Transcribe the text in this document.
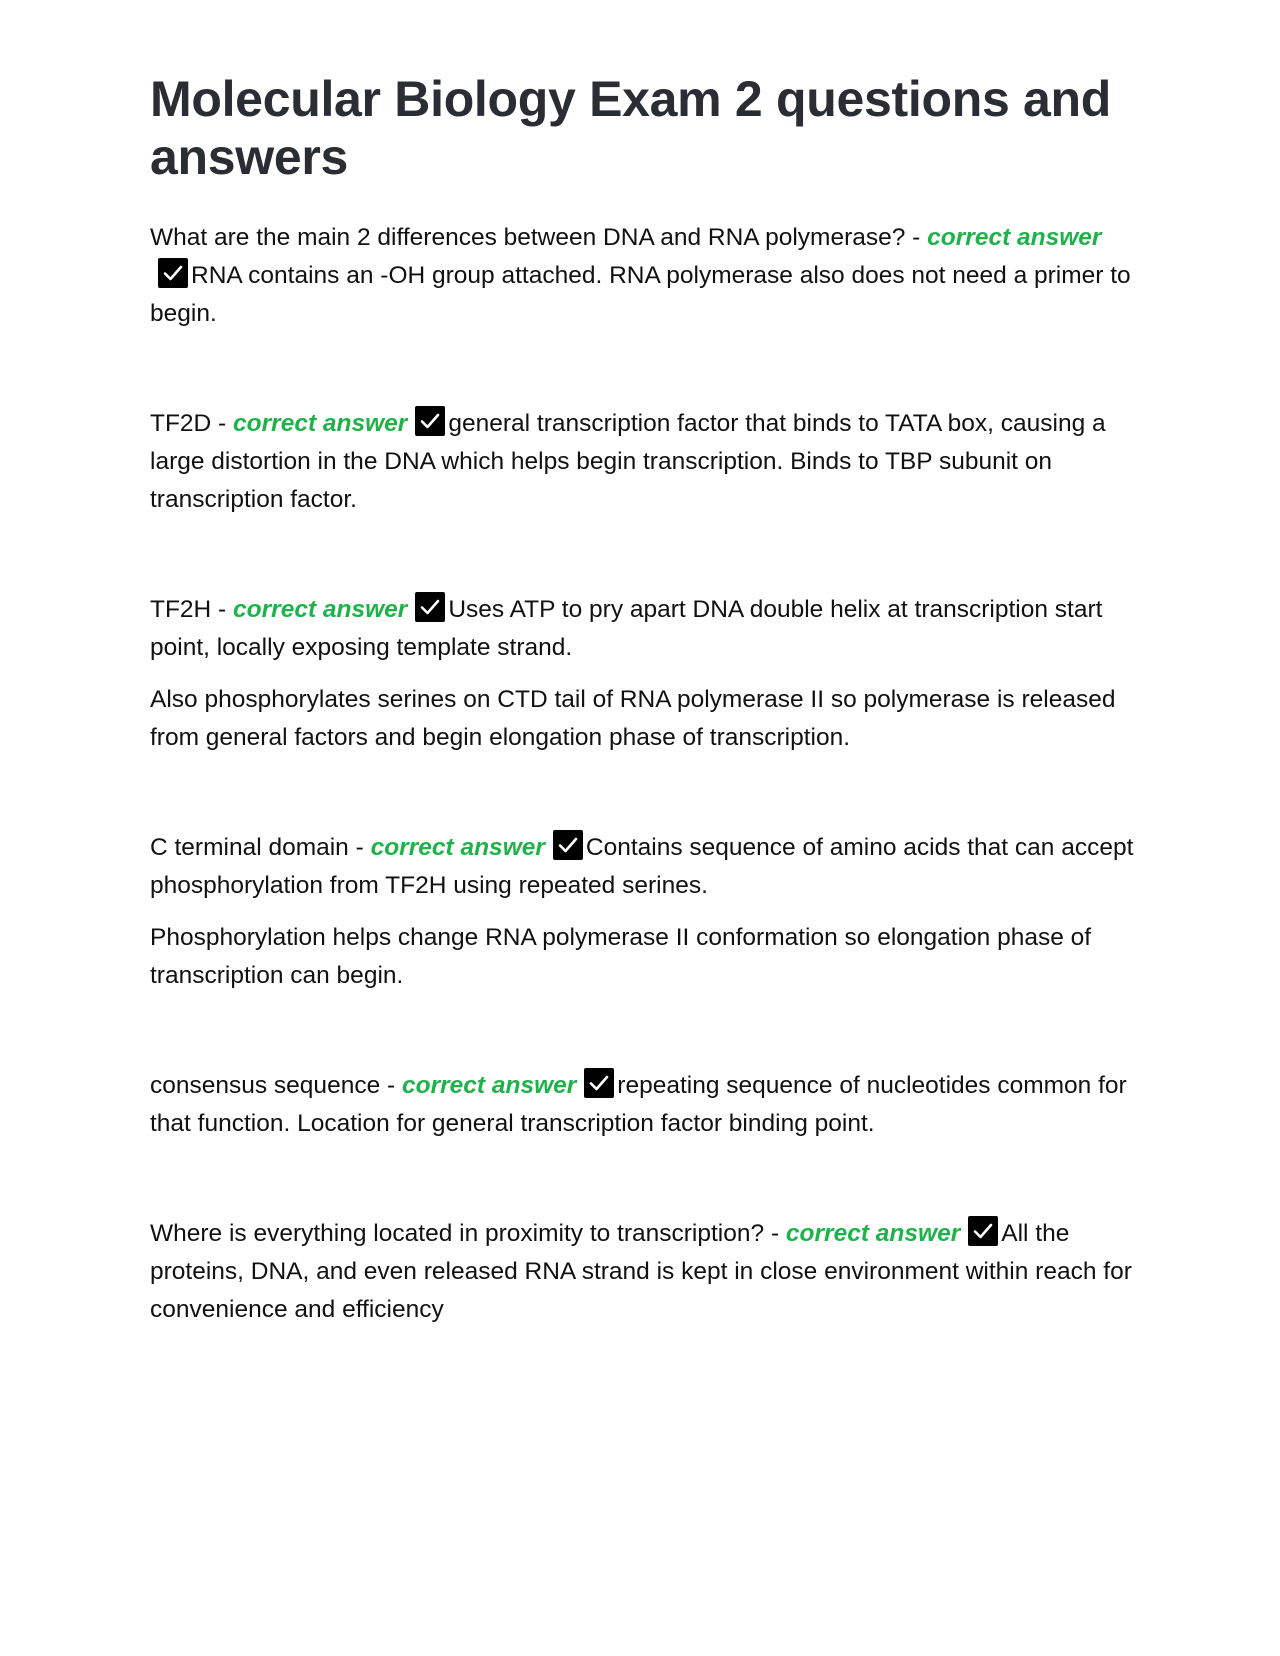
Molecular Biology Exam 2 questions and answers

What are the main 2 differences between DNA and RNA polymerase? - correct answer
RNA contains an -OH group attached. RNA polymerase also does not need a primer to begin.

TF2D - correct answer general transcription factor that binds to TATA box, causing a large distortion in the DNA which helps begin transcription. Binds to TBP subunit on transcription factor.

TF2H - correct answer Uses ATP to pry apart DNA double helix at transcription start point, locally exposing template strand.

Also phosphorylates serines on CTD tail of RNA polymerase II so polymerase is released from general factors and begin elongation phase of transcription.

C terminal domain - correct answer Contains sequence of amino acids that can accept phosphorylation from TF2H using repeated serines.

Phosphorylation helps change RNA polymerase II conformation so elongation phase of transcription can begin.

consensus sequence - correct answer repeating sequence of nucleotides common for that function. Location for general transcription factor binding point.

Where is everything located in proximity to transcription? - correct answer All the proteins, DNA, and even released RNA strand is kept in close environment within reach for convenience and efficiency
